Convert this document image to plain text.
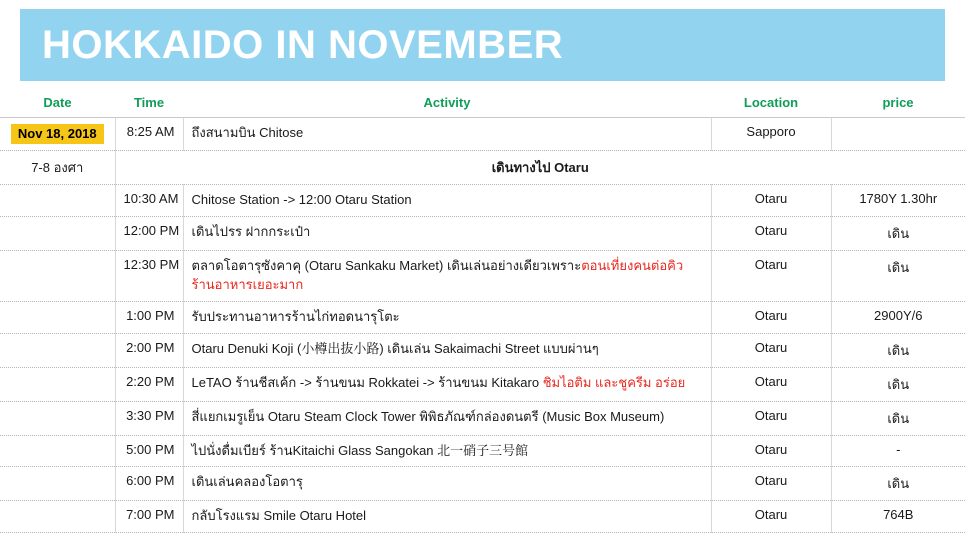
HOKKAIDO IN NOVEMBER
Date	Time	Activity	Location	price
Nov 18, 2018	8:25 AM	ถึงสนามบิน Chitose	Sapporo	
7-8 องศา	เดินทางไป Otaru			
	10:30 AM	Chitose Station -> 12:00 Otaru Station	Otaru	1780Y 1.30hr
	12:00 PM	เดินไปรร ฝากกระเป๋า	Otaru	เดิน
	12:30 PM	ตลาดโอตารุซังคาคุ (Otaru Sankaku Market) เดินเล่นอย่างเดียวเพราะตอนเที่ยงคนต่อคิว ร้านอาหารเยอะมาก	Otaru	เดิน
	1:00 PM	รับประทานอาหารร้านไก่ทอดนารุโตะ	Otaru	2900Y/6
	2:00 PM	Otaru Denuki Koji (小樽出抜小路) เดินเล่น Sakaimachi Street แบบผ่านๆ	Otaru	เดิน
	2:20 PM	LeTAO ร้านชีสเค้ก -> ร้านขนม Rokkatei -> ร้านขนม Kitakaro ชิมไอติม และชูครีม อร่อย	Otaru	เดิน
	3:30 PM	สี่แยกเมรูเย็น Otaru Steam Clock Tower พิพิธภัณฑ์กล่องดนตรี (Music Box Museum)	Otaru	เดิน
	5:00 PM	ไปนั่งดื่มเบียร์ ร้านKitaichi Glass Sangokan 北一硝子三号館	Otaru	-
	6:00 PM	เดินเล่นคลองโอตารุ	Otaru	เดิน
	7:00 PM	กลับโรงแรม Smile Otaru Hotel	Otaru	764B
